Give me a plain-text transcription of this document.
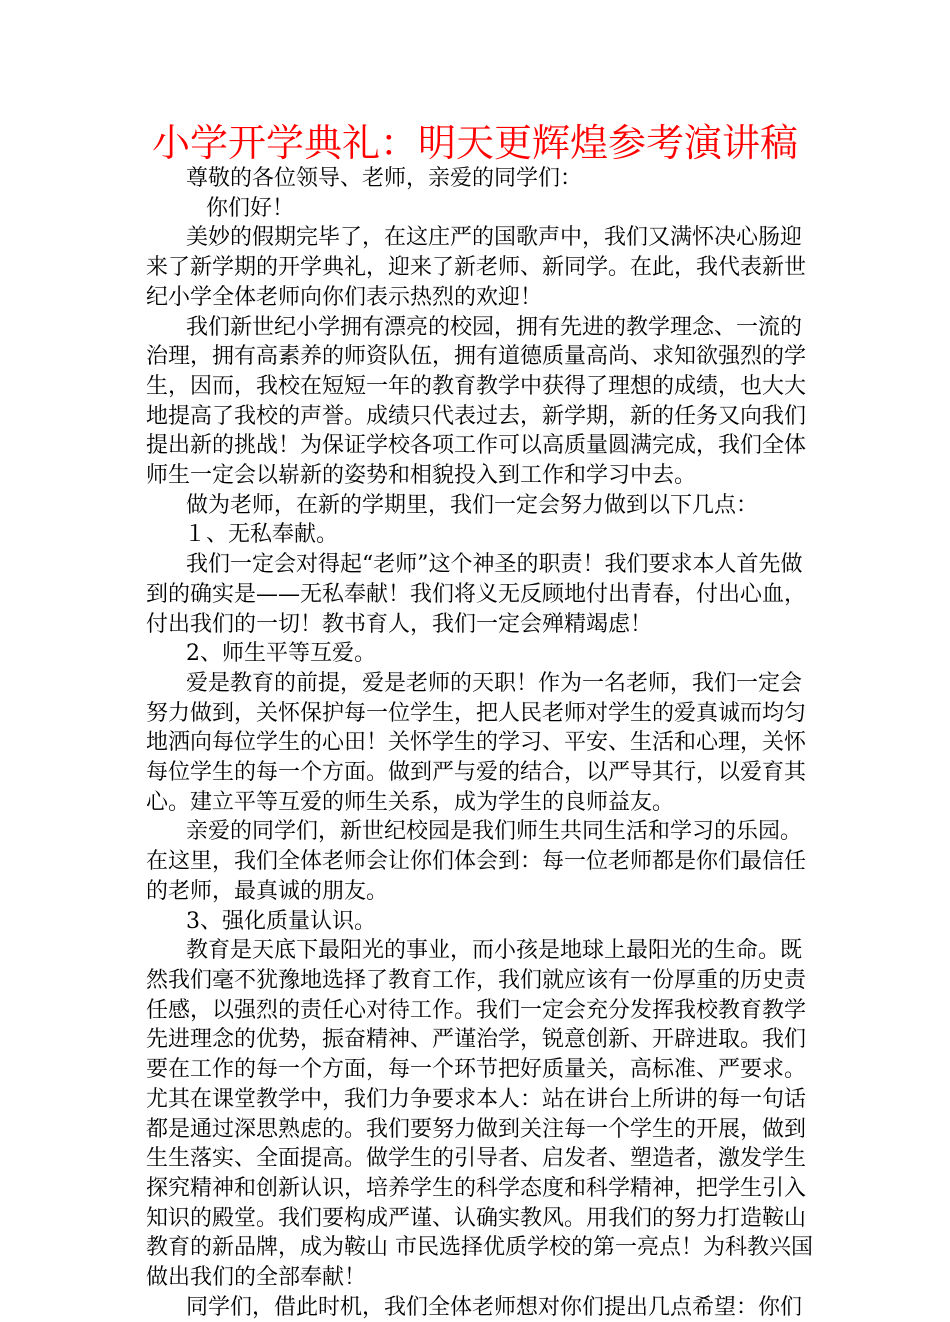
小学开学典礼：明天更辉煌参考演讲稿

尊敬的各位领导、老师，亲爱的同学们：

你们好！

美妙的假期完毕了，在这庄严的国歌声中，我们又满怀决心肠迎来了新学期的开学典礼，迎来了新老师、新同学。在此，我代表新世纪小学全体老师向你们表示热烈的欢迎！

我们新世纪小学拥有漂亮的校园，拥有先进的教学理念、一流的治理，拥有高素养的师资队伍，拥有道德质量高尚、求知欲强烈的学生，因而，我校在短短一年的教育教学中获得了理想的成绩，也大大地提高了我校的声誉。成绩只代表过去，新学期，新的任务又向我们提出新的挑战！为保证学校各项工作可以高质量圆满完成，我们全体师生一定会以崭新的姿势和相貌投入到工作和学习中去。

做为老师，在新的学期里，我们一定会努力做到以下几点：

１、无私奉献。

我们一定会对得起“老师”这个神圣的职责！我们要求本人首先做到的确实是——无私奉献！我们将义无反顾地付出青春，付出心血，付出我们的一切！教书育人，我们一定会殚精竭虑！

2、师生平等互爱。

爱是教育的前提，爱是老师的天职！作为一名老师，我们一定会努力做到，关怀保护每一位学生，把人民老师对学生的爱真诚而均匀地洒向每位学生的心田！关怀学生的学习、平安、生活和心理，关怀每位学生的每一个方面。做到严与爱的结合，以严导其行，以爱育其心。建立平等互爱的师生关系，成为学生的良师益友。

亲爱的同学们，新世纪校园是我们师生共同生活和学习的乐园。在这里，我们全体老师会让你们体会到：每一位老师都是你们最信任的老师，最真诚的朋友。

3、强化质量认识。

教育是天底下最阳光的事业，而小孩是地球上最阳光的生命。既然我们毫不犹豫地选择了教育工作，我们就应该有一份厚重的历史责任感，以强烈的责任心对待工作。我们一定会充分发挥我校教育教学先进理念的优势，振奋精神、严谨治学，锐意创新、开辟进取。我们要在工作的每一个方面，每一个环节把好质量关，高标准、严要求。尤其在课堂教学中，我们力争要求本人：站在讲台上所讲的每一句话都是通过深思熟虑的。我们要努力做到关注每一个学生的开展，做到生生落实、全面提高。做学生的引导者、启发者、塑造者，激发学生探究精神和创新认识，培养学生的科学态度和科学精神，把学生引入知识的殿堂。我们要构成严谨、认确实教风。用我们的努力打造鞍山教育的新品牌，成为鞍山 市民选择优质学校的第一亮点！为科教兴国做出我们的全部奉献！

同学们，借此时机，我们全体老师想对你们提出几点希望：你们
